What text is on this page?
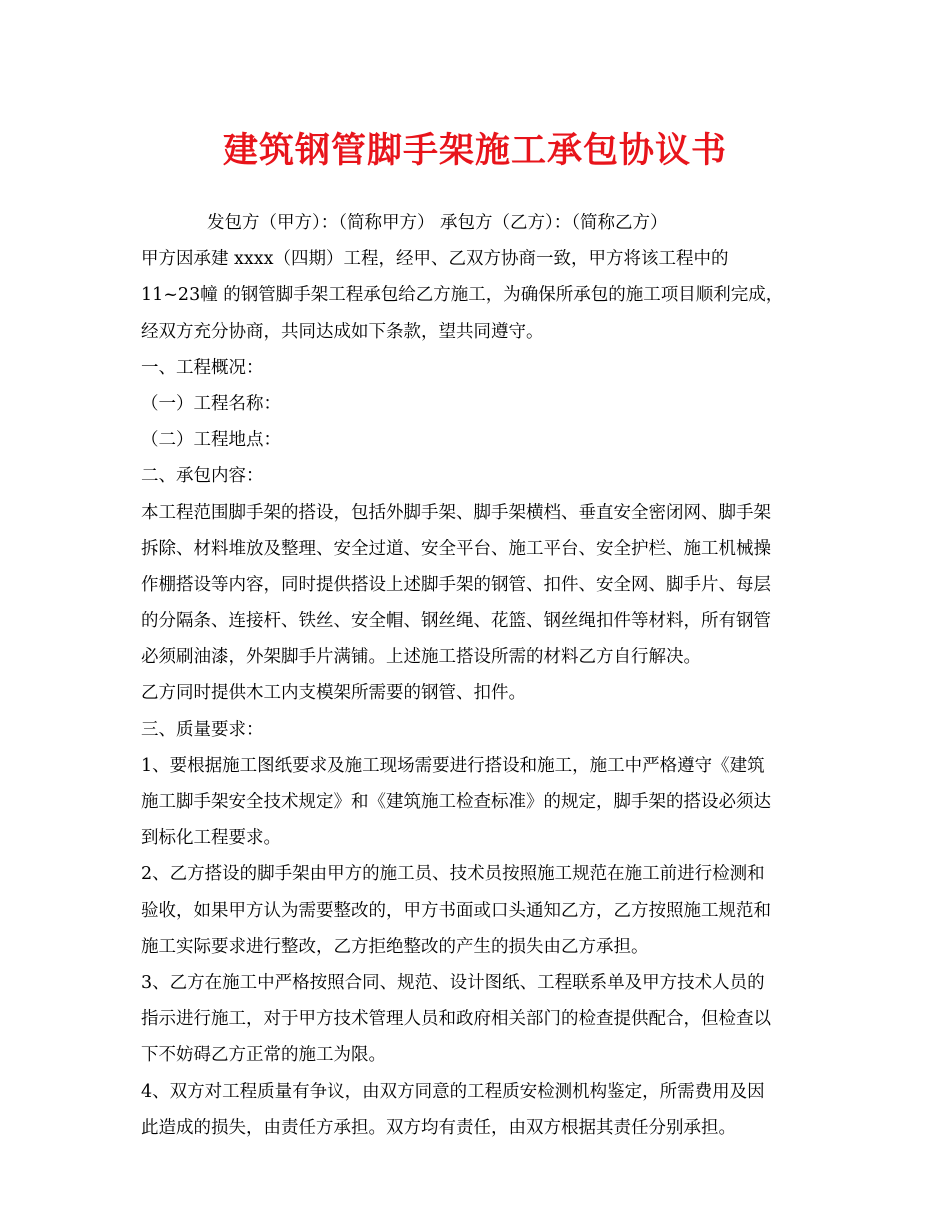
建筑钢管脚手架施工承包协议书
发包方（甲方）：（简称甲方） 承包方（乙方）：（简称乙方）
甲方因承建 xxxx（四期）工程，经甲、乙双方协商一致，甲方将该工程中的
11~23幢 的钢管脚手架工程承包给乙方施工，为确保所承包的施工项目顺利完成，
经双方充分协商，共同达成如下条款，望共同遵守。
一、工程概况：
（一）工程名称：
（二）工程地点：
二、承包内容：
本工程范围脚手架的搭设，包括外脚手架、脚手架横档、垂直安全密闭网、脚手架
拆除、材料堆放及整理、安全过道、安全平台、施工平台、安全护栏、施工机械操
作棚搭设等内容，同时提供搭设上述脚手架的钢管、扣件、安全网、脚手片、每层
的分隔条、连接杆、铁丝、安全帽、钢丝绳、花篮、钢丝绳扣件等材料，所有钢管
必须刷油漆，外架脚手片满铺。上述施工搭设所需的材料乙方自行解决。
乙方同时提供木工内支模架所需要的钢管、扣件。
三、质量要求：
1、要根据施工图纸要求及施工现场需要进行搭设和施工，施工中严格遵守《建筑
施工脚手架安全技术规定》和《建筑施工检查标准》的规定，脚手架的搭设必须达
到标化工程要求。
2、乙方搭设的脚手架由甲方的施工员、技术员按照施工规范在施工前进行检测和
验收，如果甲方认为需要整改的，甲方书面或口头通知乙方，乙方按照施工规范和
施工实际要求进行整改，乙方拒绝整改的产生的损失由乙方承担。
3、乙方在施工中严格按照合同、规范、设计图纸、工程联系单及甲方技术人员的
指示进行施工，对于甲方技术管理人员和政府相关部门的检查提供配合，但检查以
下不妨碍乙方正常的施工为限。
4、双方对工程质量有争议，由双方同意的工程质安检测机构鉴定，所需费用及因
此造成的损失，由责任方承担。双方均有责任，由双方根据其责任分别承担。
